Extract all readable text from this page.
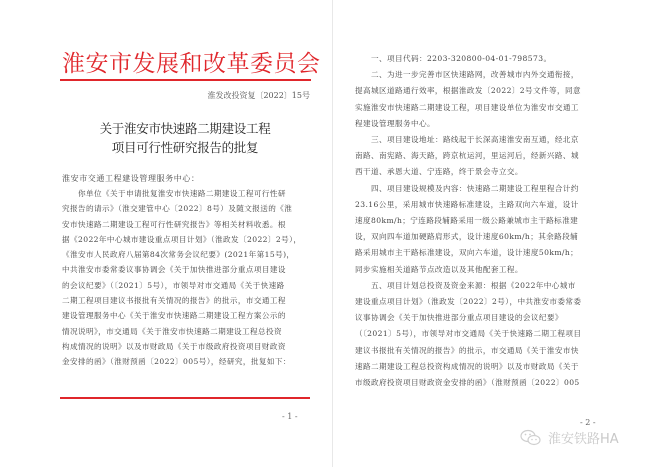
淮安市发展和改革委员会
淮发改投资复〔2022〕15号
关于淮安市快速路二期建设工程
项目可行性研究报告的批复
淮安市交通工程建设管理服务中心：
你单位《关于申请批复淮安市快速路二期建设工程可行性研
究报告的请示》（淮交建管中心〔2022〕8号）及随文报送的《淮
安市快速路二期建设工程可行性研究报告》等相关材料收悉。根
据《2022年中心城市建设重点项目计划》（淮政发〔2022〕2号），
《淮安市人民政府八届第84次常务会议纪要》(2021年第15号)，
中共淮安市委常委议事协调会《关于加快推进部分重点项目建设
的会议纪要》（〔2021〕5号），市领导对市交通局《关于快速路
二期工程项目建议书报批有关情况的报告》的批示，市交通工程
建设管理服务中心《关于淮安市快速路二期建设工程方案公示的
情况说明》，市交通局《关于淮安市快速路二期建设工程总投资
构成情况的说明》以及市财政局《关于市级政府投资项目财政资
金安排的函》（淮财预函〔2022〕005号），经研究，批复如下：
- 1 -
一、项目代码：2203-320800-04-01-798573。
二、为进一步完善市区快速路网，改善城市内外交通衔接，
提高城区道路通行效率，根据淮政发〔2022〕2号文件等，同意
实施淮安市快速路二期建设工程，项目建设单位为淮安市交通工
程建设管理服务中心。
三、项目建设地址：路线起于长深高速淮安南互通，经北京
南路、南宪路、海天路，跨京杭运河，里运河后，经新兴路、城
西干道、承恩大道、宁连路，终于景会寺立交。
四、项目建设规模及内容：快速路二期建设工程里程合计约
23.16公里，采用城市快速路标准建设，主路双向六车道，设计
速度80km/h；宁连路段辅路采用一级公路兼城市主干路标准建
设，双向四车道加硬路肩形式，设计速度60km/h；其余路段辅
路采用城市主干路标准建设，双向六车道，设计速度50km/h；
同步实施相关道路节点改造以及其他配套工程。
五、项目计划总投资及资金来源：根据《2022年中心城市
建设重点项目计划》（淮政发〔2022〕2号），中共淮安市委常委
议事协调会《关于加快推进部分重点项目建设的会议纪要》
（〔2021〕5号），市领导对市交通局《关于快速路二期工程项目
建议书报批有关情况的报告》的批示，市交通局《关于淮安市快
速路二期建设工程总投资构成情况的说明》以及市财政局《关于
市级政府投资项目财政资金安排的函》（淮财预函〔2022〕005
- 2 -
淮安铁路HA
